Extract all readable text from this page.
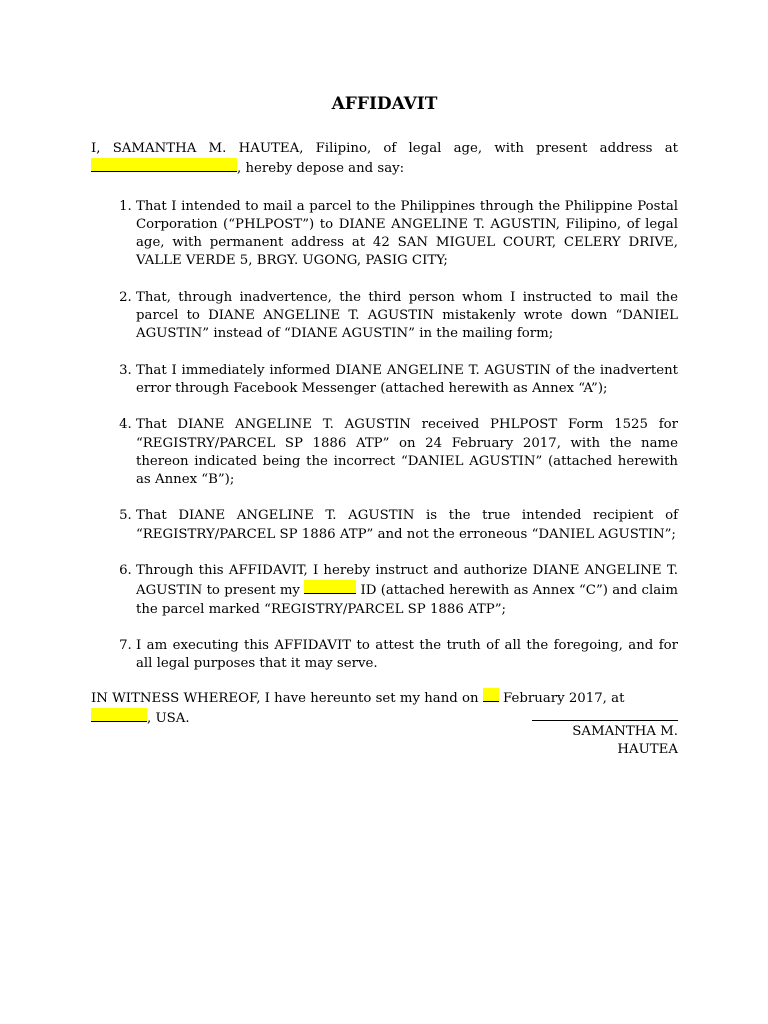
AFFIDAVIT

I, SAMANTHA M. HAUTEA, Filipino, of legal age, with present address at , hereby depose and say:

1. That I intended to mail a parcel to the Philippines through the Philippine Postal Corporation (“PHLPOST”) to DIANE ANGELINE T. AGUSTIN, Filipino, of legal age, with permanent address at 42 SAN MIGUEL COURT, CELERY DRIVE, VALLE VERDE 5, BRGY. UGONG, PASIG CITY;
2. That, through inadvertence, the third person whom I instructed to mail the parcel to DIANE ANGELINE T. AGUSTIN mistakenly wrote down “DANIEL AGUSTIN” instead of “DIANE AGUSTIN” in the mailing form;
3. That I immediately informed DIANE ANGELINE T. AGUSTIN of the inadvertent error through Facebook Messenger (attached herewith as Annex “A”);
4. That DIANE ANGELINE T. AGUSTIN received PHLPOST Form 1525 for “REGISTRY/PARCEL SP 1886 ATP” on 24 February 2017, with the name thereon indicated being the incorrect “DANIEL AGUSTIN” (attached herewith as Annex “B”);
5. That DIANE ANGELINE T. AGUSTIN is the true intended recipient of “REGISTRY/PARCEL SP 1886 ATP” and not the erroneous “DANIEL AGUSTIN”;
6. Through this AFFIDAVIT, I hereby instruct and authorize DIANE ANGELINE T. AGUSTIN to present my	ID (attached herewith as Annex “C”) and claim the parcel marked “REGISTRY/PARCEL SP 1886 ATP”;
7. I am executing this AFFIDAVIT to attest the truth of all the foregoing, and for all legal purposes that it may serve.

IN WITNESS WHEREOF, I have hereunto set my hand on  February 2017, at , USA.

SAMANTHA M. HAUTEA
